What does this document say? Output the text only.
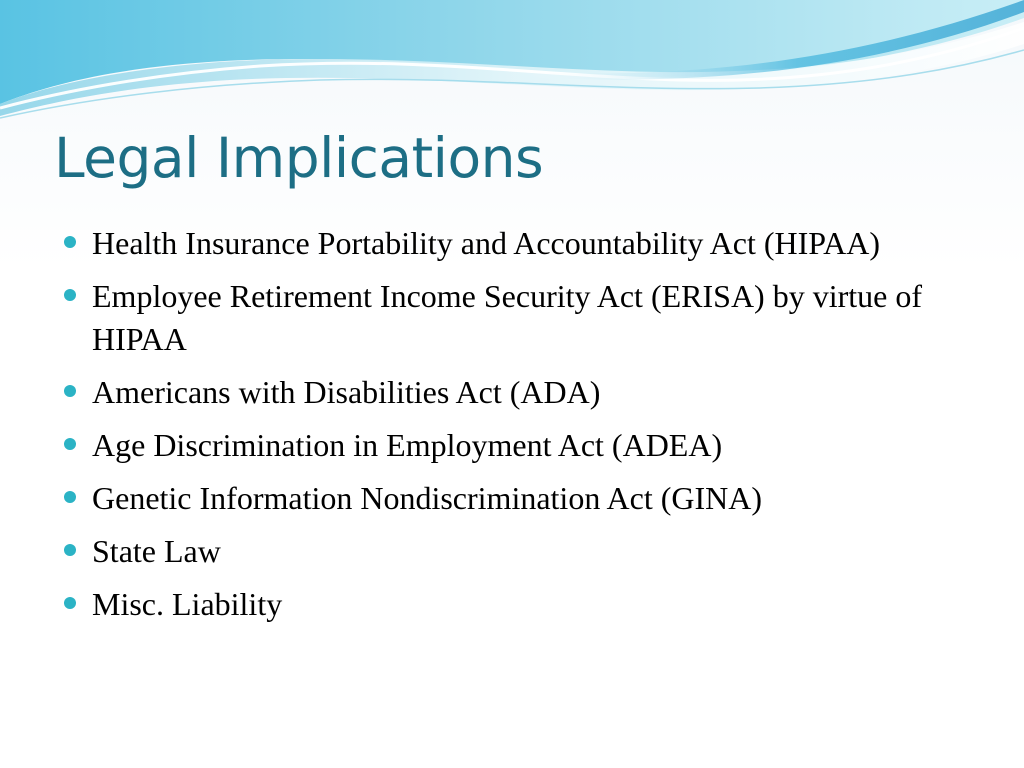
Legal Implications
Health Insurance Portability and Accountability Act (HIPAA)
Employee Retirement Income Security Act (ERISA) by virtue of HIPAA
Americans with Disabilities Act (ADA)
Age Discrimination in Employment Act (ADEA)
Genetic Information Nondiscrimination Act (GINA)
State Law
Misc. Liability
